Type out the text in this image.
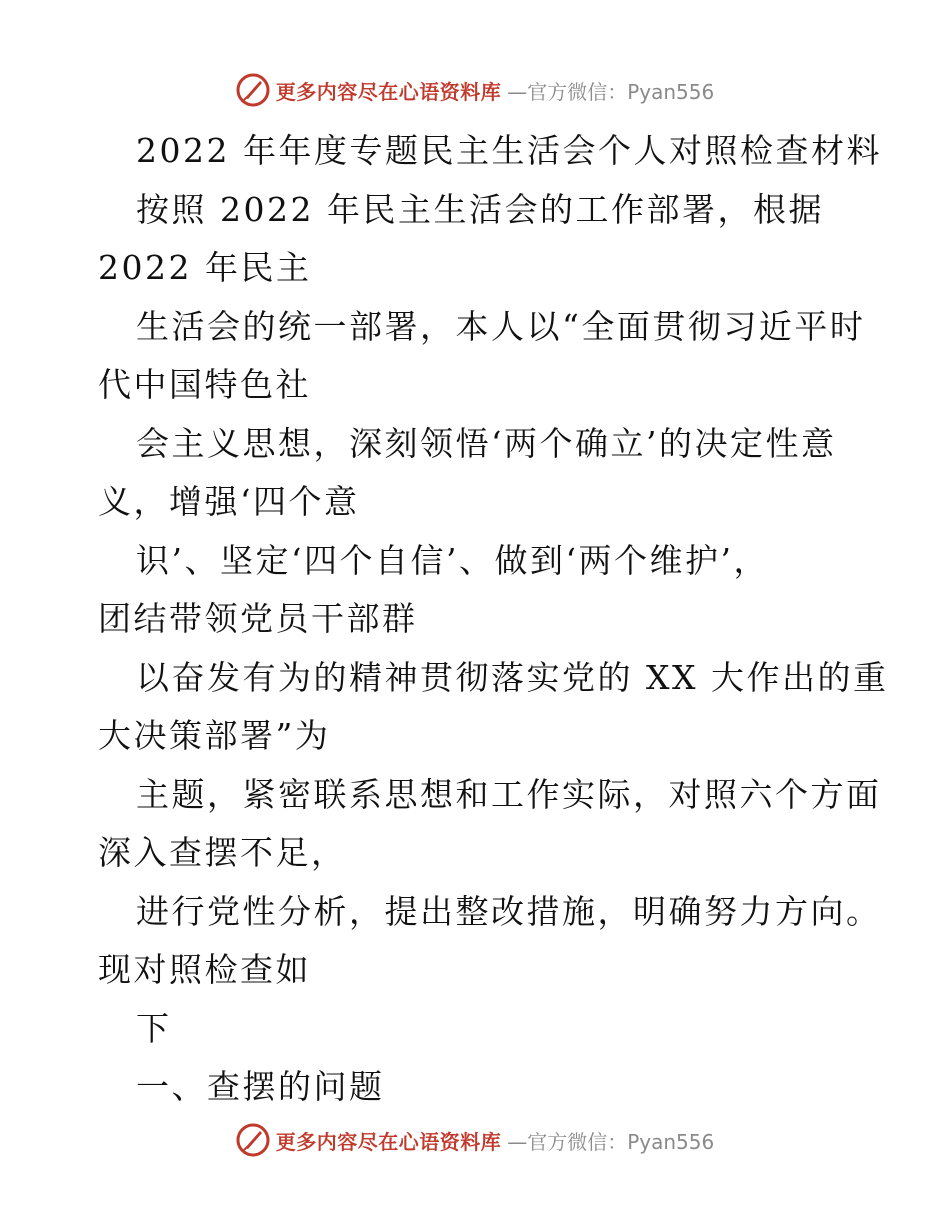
更多内容尽在心语资料库 —官方微信：Pyan556
2022 年年度专题民主生活会个人对照检查材料
按照 2022 年民主生活会的工作部署，根据
2022 年民主
生活会的统一部署，本人以“全面贯彻习近平时
代中国特色社
会主义思想，深刻领悟‘两个确立’的决定性意
义，增强‘四个意
识’、坚定‘四个自信’、做到‘两个维护’，
团结带领党员干部群
以奋发有为的精神贯彻落实党的 XX 大作出的重
大决策部署”为
主题，紧密联系思想和工作实际，对照六个方面
深入查摆不足，
进行党性分析，提出整改措施，明确努力方向。
现对照检查如
下
一、查摆的问题
更多内容尽在心语资料库 —官方微信：Pyan556
